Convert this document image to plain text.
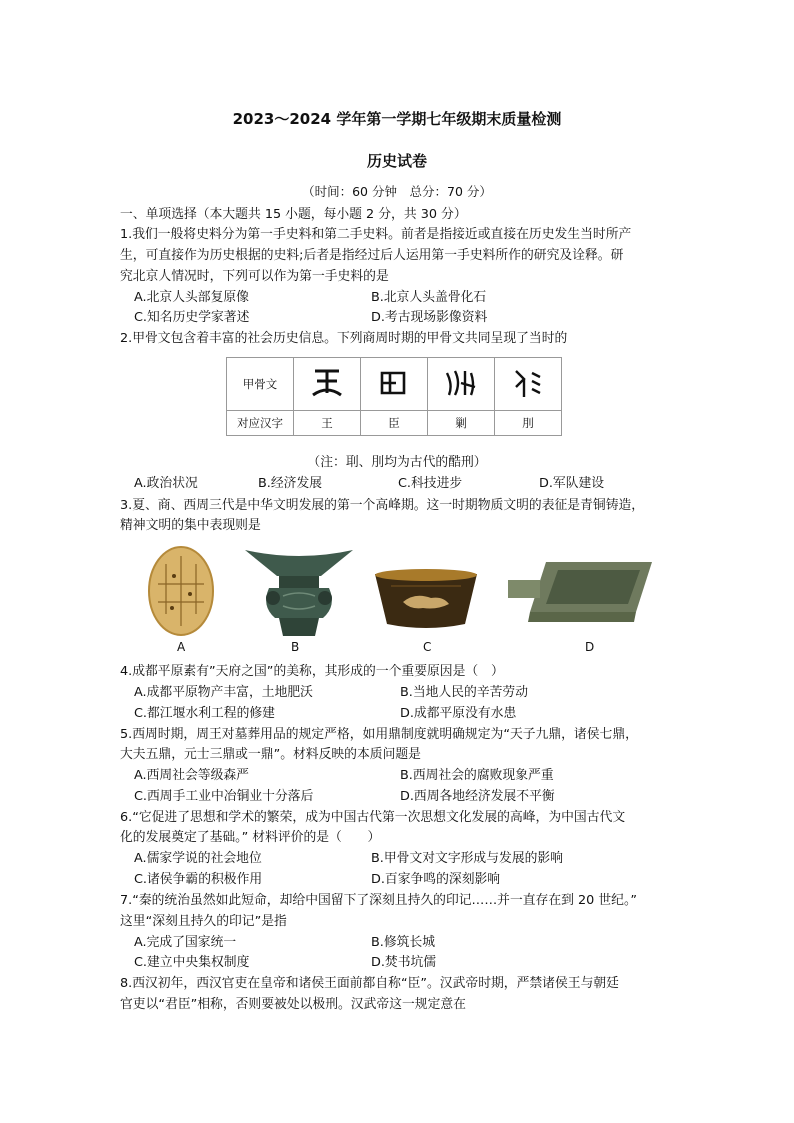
2023～2024 学年第一学期七年级期末质量检测
历史试卷
（时间：60 分钟　总分：70 分）
一、单项选择（本大题共 15 小题，每小题 2 分，共 30 分）
1.我们一般将史料分为第一手史料和第二手史料。前者是指接近或直接在历史发生当时所产
生，可直接作为历史根据的史料;后者是指经过后人运用第一手史料所作的研究及诠释。研
究北京人情况时，下列可以作为第一手史料的是
A.北京人头部复原像	B.北京人头盖骨化石
C.知名历史学家著述	D.考古现场影像资料
2.甲骨文包含着丰富的社会历史信息。下列商周时期的甲骨文共同呈现了当时的
甲骨文				
对应汉字	王	臣	剿	刖
（注：刵、刖均为古代的酷刑）
A.政治状况	B.经济发展	C.科技进步	D.军队建设
3.夏、商、西周三代是中华文明发展的第一个高峰期。这一时期物质文明的表征是青铜铸造，
精神文明的集中表现则是
A	B	C	D
4.成都平原素有”天府之国”的美称，其形成的一个重要原因是（　）
A.成都平原物产丰富，土地肥沃	B.当地人民的辛苦劳动
C.都江堰水利工程的修建	D.成都平原没有水患
5.西周时期，周王对墓葬用品的规定严格，如用鼎制度就明确规定为“天子九鼎，诸侯七鼎，
大夫五鼎，元士三鼎或一鼎”。材料反映的本质问题是
A.西周社会等级森严	B.西周社会的腐败现象严重
C.西周手工业中冶铜业十分落后	D.西周各地经济发展不平衡
6.“它促进了思想和学术的繁荣，成为中国古代第一次思想文化发展的高峰，为中国古代文
化的发展奠定了基础。” 材料评价的是（　　）
A.儒家学说的社会地位	B.甲骨文对文字形成与发展的影响
C.诸侯争霸的积极作用	D.百家争鸣的深刻影响
7.“秦的统治虽然如此短命，却给中国留下了深刻且持久的印记……并一直存在到 20 世纪。”
这里“深刻且持久的印记”是指
A.完成了国家统一	B.修筑长城
C.建立中央集权制度	D.焚书坑儒
8.西汉初年，西汉官吏在皇帝和诸侯王面前都自称“臣”。汉武帝时期，严禁诸侯王与朝廷
官吏以“君臣”相称，否则要被处以极刑。汉武帝这一规定意在
